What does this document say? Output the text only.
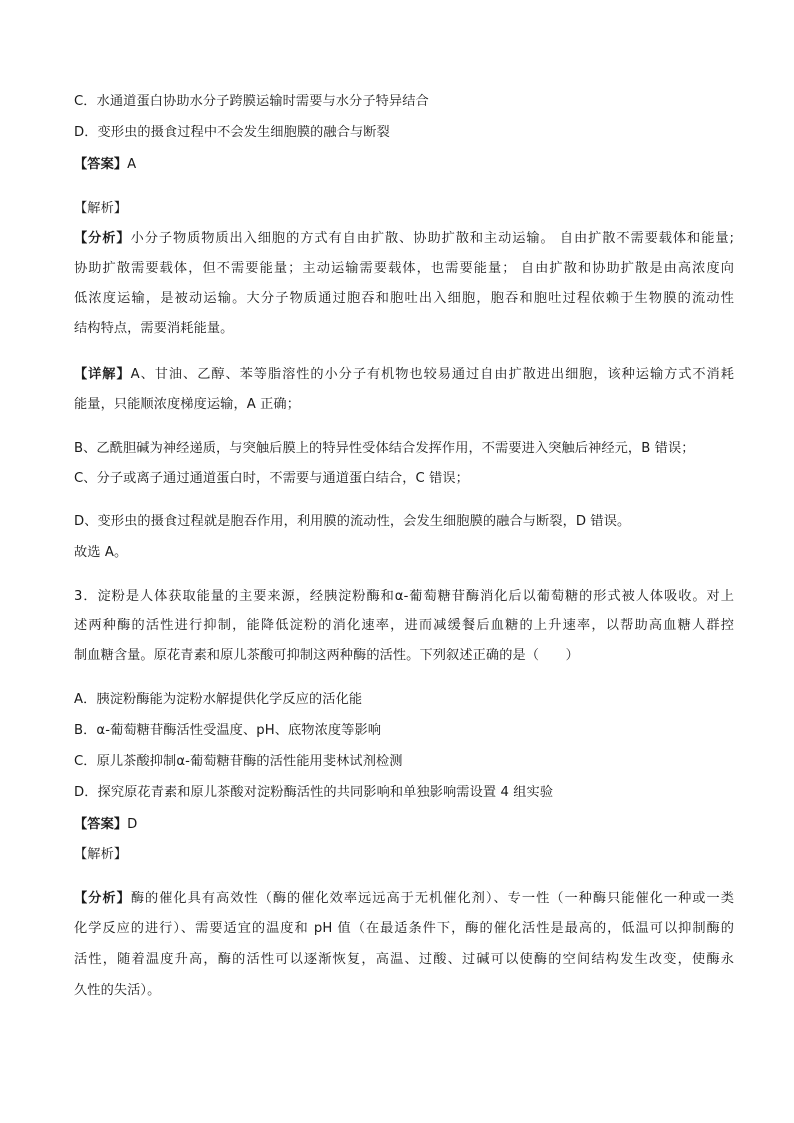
C．水通道蛋白协助水分子跨膜运输时需要与水分子特异结合
D．变形虫的摄食过程中不会发生细胞膜的融合与断裂
【答案】A
【解析】
【分析】小分子物质物质出入细胞的方式有自由扩散、协助扩散和主动运输。 自由扩散不需要载体和能量;
协助扩散需要载体，但不需要能量；主动运输需要载体，也需要能量； 自由扩散和协助扩散是由高浓度向
低浓度运输，是被动运输。大分子物质通过胞吞和胞吐出入细胞，胞吞和胞吐过程依赖于生物膜的流动性
结构特点，需要消耗能量。
【详解】A、甘油、乙醇、苯等脂溶性的小分子有机物也较易通过自由扩散进出细胞，该种运输方式不消耗
能量，只能顺浓度梯度运输，A 正确；
B、乙酰胆碱为神经递质，与突触后膜上的特异性受体结合发挥作用，不需要进入突触后神经元，B 错误；
C、分子或离子通过通道蛋白时，不需要与通道蛋白结合，C 错误；
D、变形虫的摄食过程就是胞吞作用，利用膜的流动性，会发生细胞膜的融合与断裂，D 错误。
故选 A。
3．淀粉是人体获取能量的主要来源，经胰淀粉酶和α-葡萄糖苷酶消化后以葡萄糖的形式被人体吸收。对上
述两种酶的活性进行抑制，能降低淀粉的消化速率，进而减缓餐后血糖的上升速率，以帮助高血糖人群控
制血糖含量。原花青素和原儿茶酸可抑制这两种酶的活性。下列叙述正确的是（　　）
A．胰淀粉酶能为淀粉水解提供化学反应的活化能
B．α-葡萄糖苷酶活性受温度、pH、底物浓度等影响
C．原儿茶酸抑制α-葡萄糖苷酶的活性能用斐林试剂检测
D．探究原花青素和原儿茶酸对淀粉酶活性的共同影响和单独影响需设置 4 组实验
【答案】D
【解析】
【分析】酶的催化具有高效性（酶的催化效率远远高于无机催化剂）、专一性（一种酶只能催化一种或一类
化学反应的进行）、需要适宜的温度和 pH 值（在最适条件下，酶的催化活性是最高的，低温可以抑制酶的
活性，随着温度升高，酶的活性可以逐渐恢复，高温、过酸、过碱可以使酶的空间结构发生改变，使酶永
久性的失活）。
